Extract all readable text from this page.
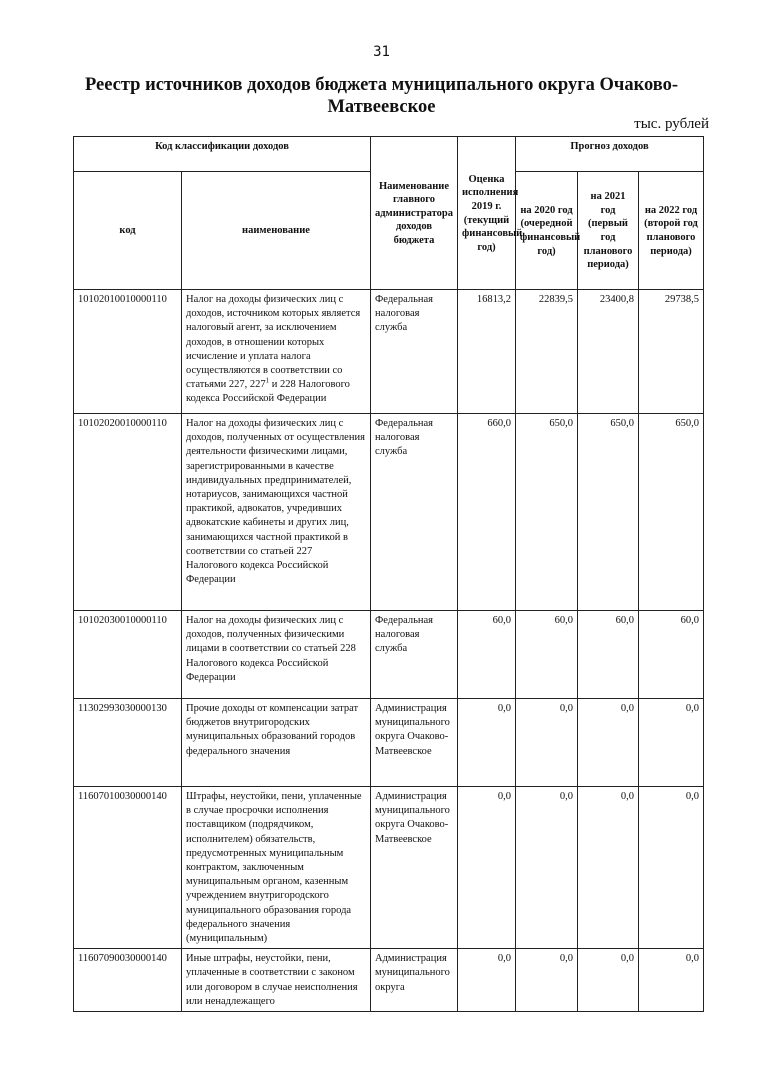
31
Реестр источников доходов бюджета муниципального округа Очаково-Матвеевское
тыс. рублей
Код классификации доходов		Наименование главного администратора доходов бюджета	Оценка исполнения 2019 г. (текущий финансовый год)	Прогноз доходов		
код	наименование			на 2020 год (очередной финансовый год)	на 2021 год (первый год планового периода)	на 2022 год (второй год планового периода)
10102010010000110	Налог на доходы физических лиц с доходов, источником которых является налоговый агент, за исключением доходов, в отношении которых исчисление и уплата налога осуществляются в соответствии со статьями 227, $227^1$ и 228 Налогового кодекса Российской Федерации	Федеральная налоговая служба	16813,2	22839,5	23400,8	29738,5
10102020010000110	Налог на доходы физических лиц с доходов, полученных от осуществления деятельности физическими лицами, зарегистрированными в качестве индивидуальных предпринимателей, нотариусов, занимающихся частной практикой, адвокатов, учредивших адвокатские кабинеты и других лиц, занимающихся частной практикой в соответствии со статьей 227 Налогового кодекса Российской Федерации	Федеральная налоговая служба	660,0	650,0	650,0	650,0
10102030010000110	Налог на доходы физических лиц с доходов, полученных физическими лицами в соответствии со статьей 228 Налогового кодекса Российской Федерации	Федеральная налоговая служба	60,0	60,0	60,0	60,0
11302993030000130	Прочие доходы от компенсации затрат бюджетов внутригородских муниципальных образований городов федерального значения	Администрация муниципального округа Очаково-Матвеевское	0,0	0,0	0,0	0,0
11607010030000140	Штрафы, неустойки, пени, уплаченные в случае просрочки исполнения поставщиком (подрядчиком, исполнителем) обязательств, предусмотренных муниципальным контрактом, заключенным муниципальным органом, казенным учреждением внутригородского муниципального образования города федерального значения (муниципальным)	Администрация муниципального округа Очаково-Матвеевское	0,0	0,0	0,0	0,0
11607090030000140	Иные штрафы, неустойки, пени, уплаченные в соответствии с законом или договором в случае неисполнения или ненадлежащего	Администрация муниципального округа	0,0	0,0	0,0	0,0
